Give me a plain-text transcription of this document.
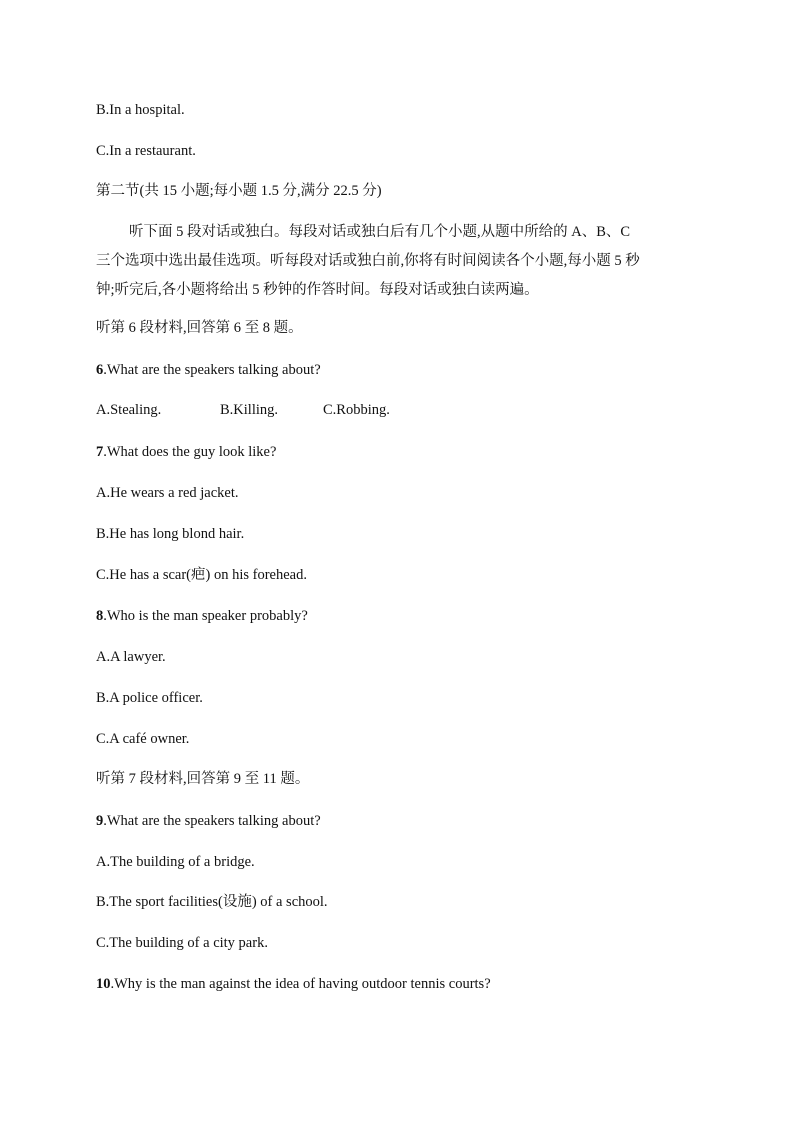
B.In a hospital.
C.In a restaurant.
第二节(共 15 小题;每小题 1.5 分,满分 22.5 分)

听下面 5 段对话或独白。每段对话或独白后有几个小题,从题中所给的 A、B、C

三个选项中选出最佳选项。听每段对话或独白前,你将有时间阅读各个小题,每小题 5 秒

钟;听完后,各小题将给出 5 秒钟的作答时间。每段对话或独白读两遍。

听第 6 段材料,回答第 6 至 8 题。
6.What are the speakers talking about?
A.Stealing.	B.Killing.	C.Robbing.
7.What does the guy look like?
A.He wears a red jacket.
B.He has long blond hair.
C.He has a scar(疤) on his forehead.
8.Who is the man speaker probably?
A.A lawyer.
B.A police officer.
C.A café owner.
听第 7 段材料,回答第 9 至 11 题。
9.What are the speakers talking about?
A.The building of a bridge.
B.The sport facilities(设施) of a school.
C.The building of a city park.
10.Why is the man against the idea of having outdoor tennis courts?
